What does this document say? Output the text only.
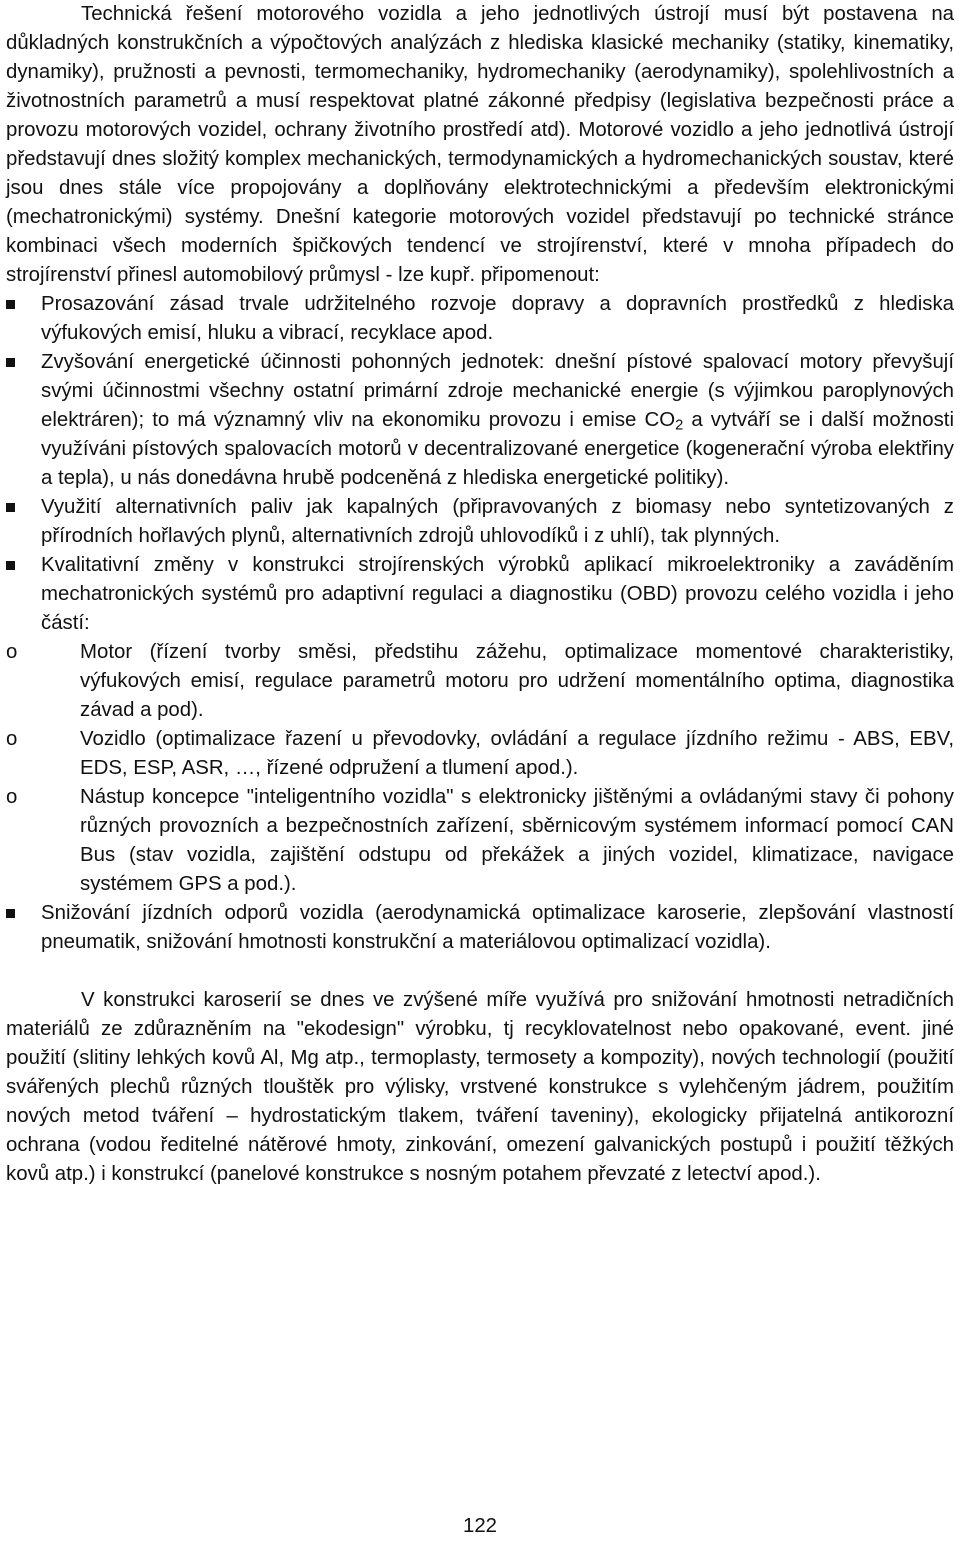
Technická řešení motorového vozidla a jeho jednotlivých ústrojí musí být postavena na důkladných konstrukčních a výpočtových analýzách z hlediska klasické mechaniky (statiky, kinematiky, dynamiky), pružnosti a pevnosti, termomechaniky, hydromechaniky (aerodynamiky), spolehlivostních a životnostních parametrů a musí respektovat platné zákonné předpisy (legislativa bezpečnosti práce a provozu motorových vozidel, ochrany životního prostředí atd). Motorové vozidlo a jeho jednotlivá ústrojí představují dnes složitý komplex mechanických, termodynamických a hydromechanických soustav, které jsou dnes stále více propojovány a doplňovány elektrotechnickými a především elektronickými (mechatronickými) systémy. Dnešní kategorie motorových vozidel představují po technické stránce kombinaci všech moderních špičkových tendencí ve strojírenství, které v mnoha případech do strojírenství přinesl automobilový průmysl - lze kupř. připomenout:

Prosazování zásad trvale udržitelného rozvoje dopravy a dopravních prostředků z hlediska výfukových emisí, hluku a vibrací, recyklace apod.
Zvyšování energetické účinnosti pohonných jednotek: dnešní pístové spalovací motory převyšují svými účinnostmi všechny ostatní primární zdroje mechanické energie (s výjimkou paroplynových elektráren); to má významný vliv na ekonomiku provozu i emise $CO_2$ a vytváří se i další možnosti využíváni pístových spalovacích motorů v decentralizované energetice (kogenerační výroba elektřiny a tepla), u nás donedávna hrubě podceněná z hlediska energetické politiky).
Využití alternativních paliv jak kapalných (připravovaných z biomasy nebo syntetizovaných z přírodních hořlavých plynů, alternativních zdrojů uhlovodíků i z uhlí), tak plynných.
Kvalitativní změny v konstrukci strojírenských výrobků aplikací mikroelektroniky a zaváděním mechatronických systémů pro adaptivní regulaci a diagnostiku (OBD) provozu celého vozidla i jeho částí:
o	Motor (řízení tvorby směsi, předstihu zážehu, optimalizace momentové charakteristiky, výfukových emisí, regulace parametrů motoru pro udržení momentálního optima, diagnostika závad a pod).
o	Vozidlo (optimalizace řazení u převodovky, ovládání a regulace jízdního režimu - ABS, EBV, EDS, ESP, ASR, …, řízené odpružení a tlumení apod.).
o	Nástup koncepce "inteligentního vozidla" s elektronicky jištěnými a ovládanými stavy či pohony různých provozních a bezpečnostních zařízení, sběrnicovým systémem informací pomocí CAN Bus (stav vozidla, zajištění odstupu od překážek a jiných vozidel, klimatizace, navigace systémem GPS a pod.).
Snižování jízdních odporů vozidla (aerodynamická optimalizace karoserie, zlepšování vlastností pneumatik, snižování hmotnosti konstrukční a materiálovou optimalizací vozidla).

V konstrukci karoserií se dnes ve zvýšené míře využívá pro snižování hmotnosti netradičních materiálů ze zdůrazněním na "ekodesign" výrobku, tj recyklovatelnost nebo opakované, event. jiné použití (slitiny lehkých kovů Al, Mg atp., termoplasty, termosety a kompozity), nových technologií (použití svářených plechů různých tlouštěk pro výlisky, vrstvené konstrukce s vylehčeným jádrem, použitím nových metod tváření – hydrostatickým tlakem, tváření taveniny), ekologicky přijatelná antikorozní ochrana (vodou ředitelné nátěrové hmoty, zinkování, omezení galvanických postupů i použití těžkých kovů atp.) i konstrukcí (panelové konstrukce s nosným potahem převzaté z letectví apod.).

122
